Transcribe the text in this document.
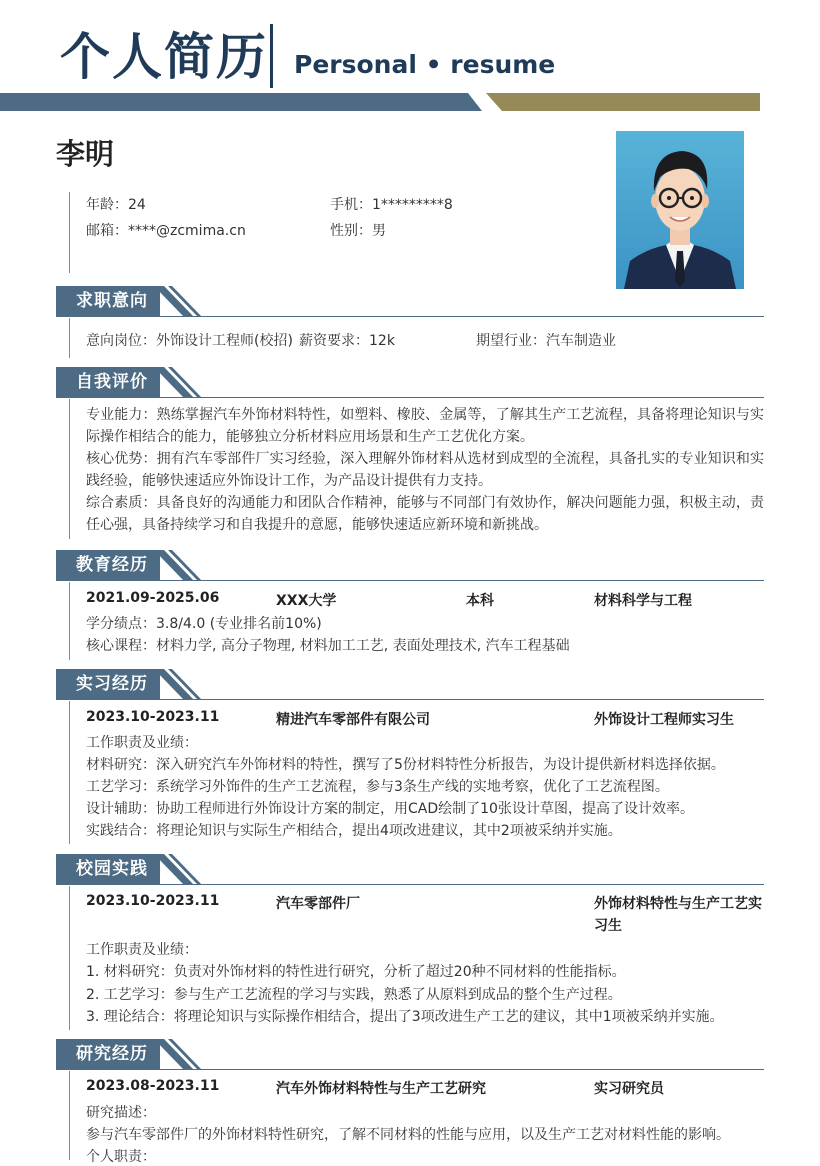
个人简历 Personal • resume
李明
年龄：24	手机：1*********8
邮箱：****@zcmima.cn	性别：男
求职意向
意向岗位：外饰设计工程师(校招) 薪资要求：12k	期望行业：汽车制造业
自我评价
专业能力：熟练掌握汽车外饰材料特性，如塑料、橡胶、金属等，了解其生产工艺流程，具备将理论知识与实际操作相结合的能力，能够独立分析材料应用场景和生产工艺优化方案。
核心优势：拥有汽车零部件厂实习经验，深入理解外饰材料从选材到成型的全流程，具备扎实的专业知识和实践经验，能够快速适应外饰设计工作，为产品设计提供有力支持。
综合素质：具备良好的沟通能力和团队合作精神，能够与不同部门有效协作，解决问题能力强，积极主动，责任心强，具备持续学习和自我提升的意愿，能够快速适应新环境和新挑战。
教育经历
2021.09-2025.06	XXX大学	本科	材料科学与工程
学分绩点：3.8/4.0 (专业排名前10%)
核心课程：材料力学, 高分子物理, 材料加工工艺, 表面处理技术, 汽车工程基础
实习经历
2023.10-2023.11	精进汽车零部件有限公司	外饰设计工程师实习生
工作职责及业绩：
材料研究：深入研究汽车外饰材料的特性，撰写了5份材料特性分析报告，为设计提供新材料选择依据。
工艺学习：系统学习外饰件的生产工艺流程，参与3条生产线的实地考察，优化了工艺流程图。
设计辅助：协助工程师进行外饰设计方案的制定，用CAD绘制了10张设计草图，提高了设计效率。
实践结合：将理论知识与实际生产相结合，提出4项改进建议，其中2项被采纳并实施。
校园实践
2023.10-2023.11	汽车零部件厂	外饰材料特性与生产工艺实
习生
工作职责及业绩：
1. 材料研究：负责对外饰材料的特性进行研究，分析了超过20种不同材料的性能指标。
2. 工艺学习：参与生产工艺流程的学习与实践，熟悉了从原料到成品的整个生产过程。
3. 理论结合：将理论知识与实际操作相结合，提出了3项改进生产工艺的建议，其中1项被采纳并实施。
研究经历
2023.08-2023.11	汽车外饰材料特性与生产工艺研究	实习研究员
研究描述：
参与汽车零部件厂的外饰材料特性研究，了解不同材料的性能与应用，以及生产工艺对材料性能的影响。
个人职责：
